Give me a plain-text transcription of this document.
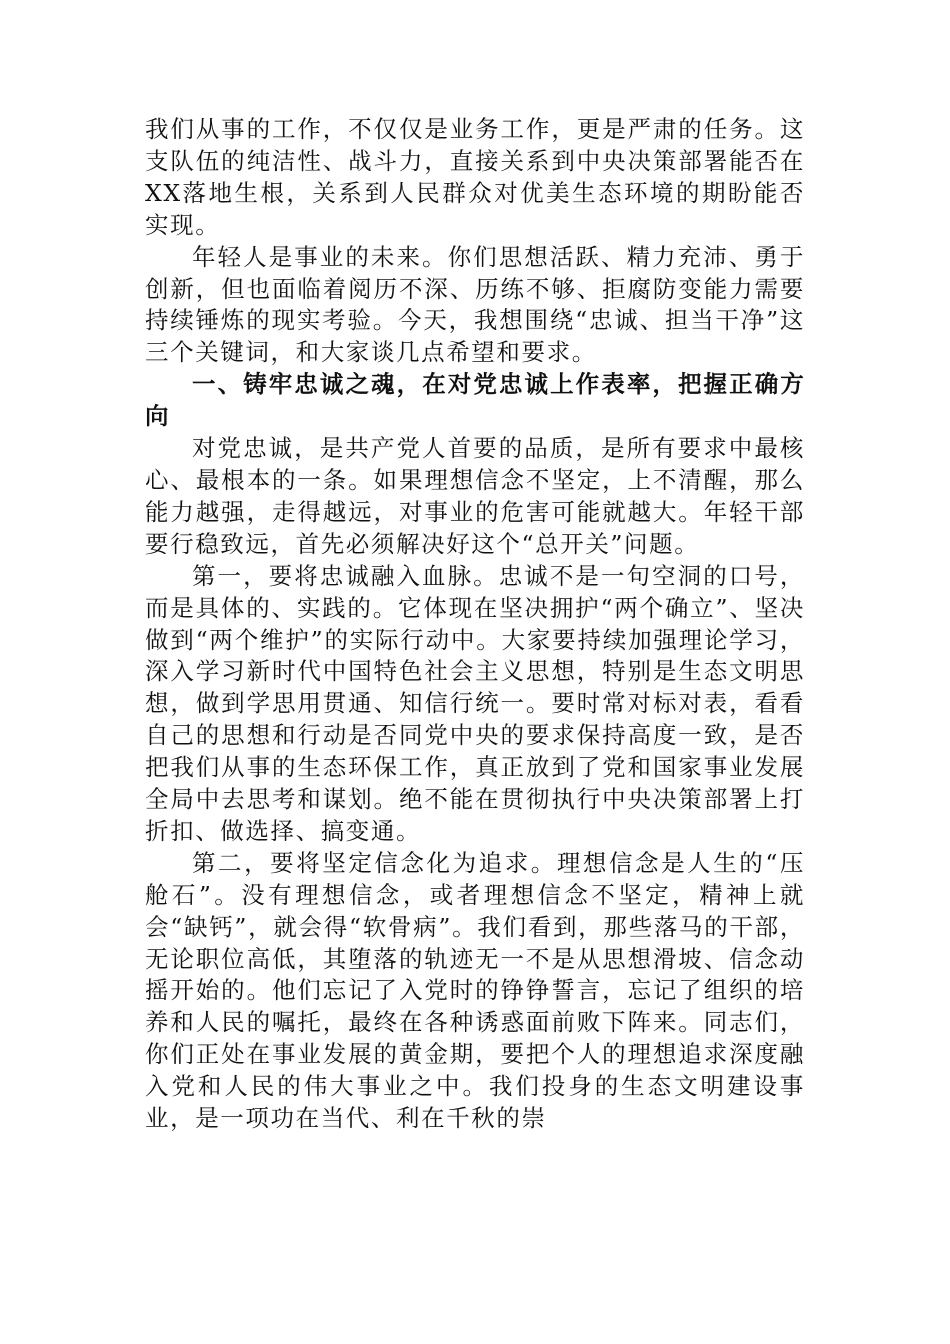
我们从事的工作，不仅仅是业务工作，更是严肃的任务。这支队伍的纯洁性、战斗力，直接关系到中央决策部署能否在XX落地生根，关系到人民群众对优美生态环境的期盼能否实现。

年轻人是事业的未来。你们思想活跃、精力充沛、勇于创新，但也面临着阅历不深、历练不够、拒腐防变能力需要持续锤炼的现实考验。今天，我想围绕“忠诚、担当干净”这三个关键词，和大家谈几点希望和要求。

一、铸牢忠诚之魂，在对党忠诚上作表率，把握正确方向

对党忠诚，是共产党人首要的品质，是所有要求中最核心、最根本的一条。如果理想信念不坚定，上不清醒，那么能力越强，走得越远，对事业的危害可能就越大。年轻干部要行稳致远，首先必须解决好这个“总开关”问题。

第一，要将忠诚融入血脉。忠诚不是一句空洞的口号，而是具体的、实践的。它体现在坚决拥护“两个确立”、坚决做到“两个维护”的实际行动中。大家要持续加强理论学习，深入学习新时代中国特色社会主义思想，特别是生态文明思想，做到学思用贯通、知信行统一。要时常对标对表，看看自己的思想和行动是否同党中央的要求保持高度一致，是否把我们从事的生态环保工作，真正放到了党和国家事业发展全局中去思考和谋划。绝不能在贯彻执行中央决策部署上打折扣、做选择、搞变通。

第二，要将坚定信念化为追求。理想信念是人生的“压舱石”。没有理想信念，或者理想信念不坚定，精神上就会“缺钙”，就会得“软骨病”。我们看到，那些落马的干部，无论职位高低，其堕落的轨迹无一不是从思想滑坡、信念动摇开始的。他们忘记了入党时的铮铮誓言，忘记了组织的培养和人民的嘱托，最终在各种诱惑面前败下阵来。同志们，你们正处在事业发展的黄金期，要把个人的理想追求深度融入党和人民的伟大事业之中。我们投身的生态文明建设事业，是一项功在当代、利在千秋的崇
